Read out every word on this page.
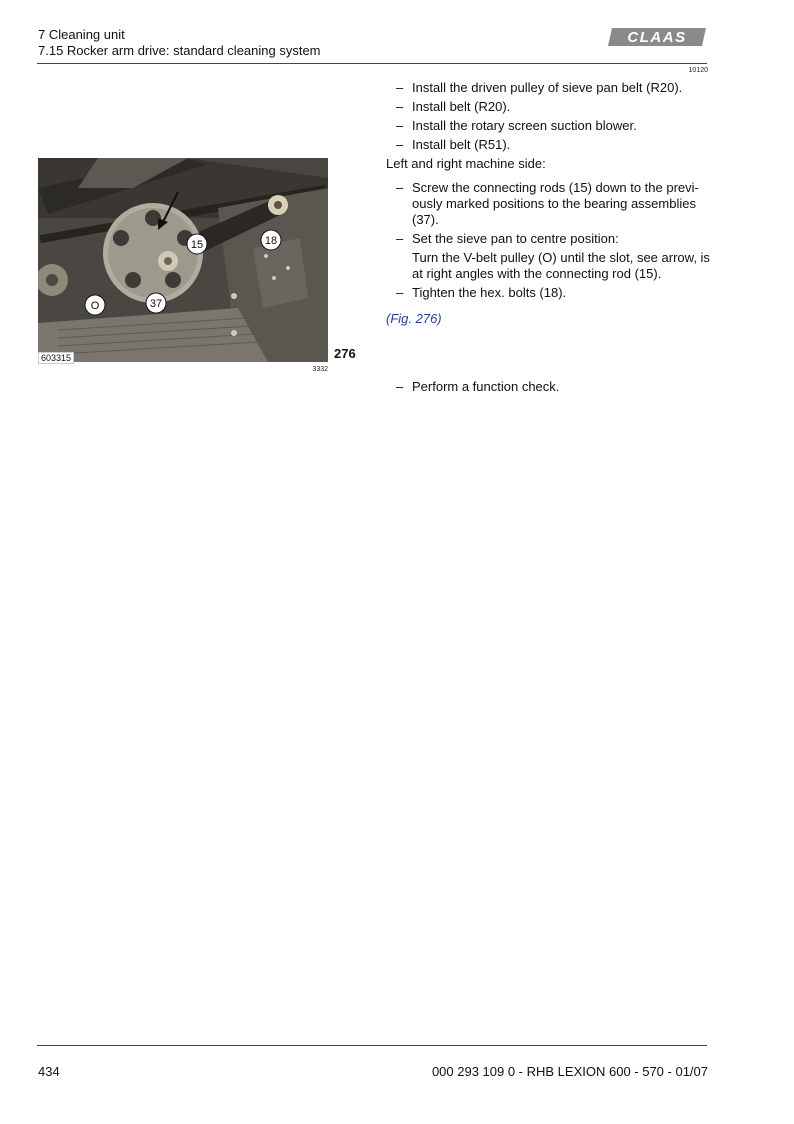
7 Cleaning unit
7.15 Rocker arm drive: standard cleaning system
CLAAS
10120
– Install the driven pulley of sieve pan belt (R20).
– Install belt (R20).
– Install the rotary screen suction blower.
– Install belt (R51).

Left and right machine side:

– Screw the connecting rods (15) down to the previ-ously marked positions to the bearing assemblies (37).
– Set the sieve pan to centre position:
Turn the V-belt pulley (O) until the slot, see arrow, is at right angles with the connecting rod (15).
– Tighten the hex. bolts (18).
(Fig. 276)
– Perform a function check.
15	18
O	37
603315	276
3332
434	000 293 109 0 - RHB LEXION 600 - 570 - 01/07
